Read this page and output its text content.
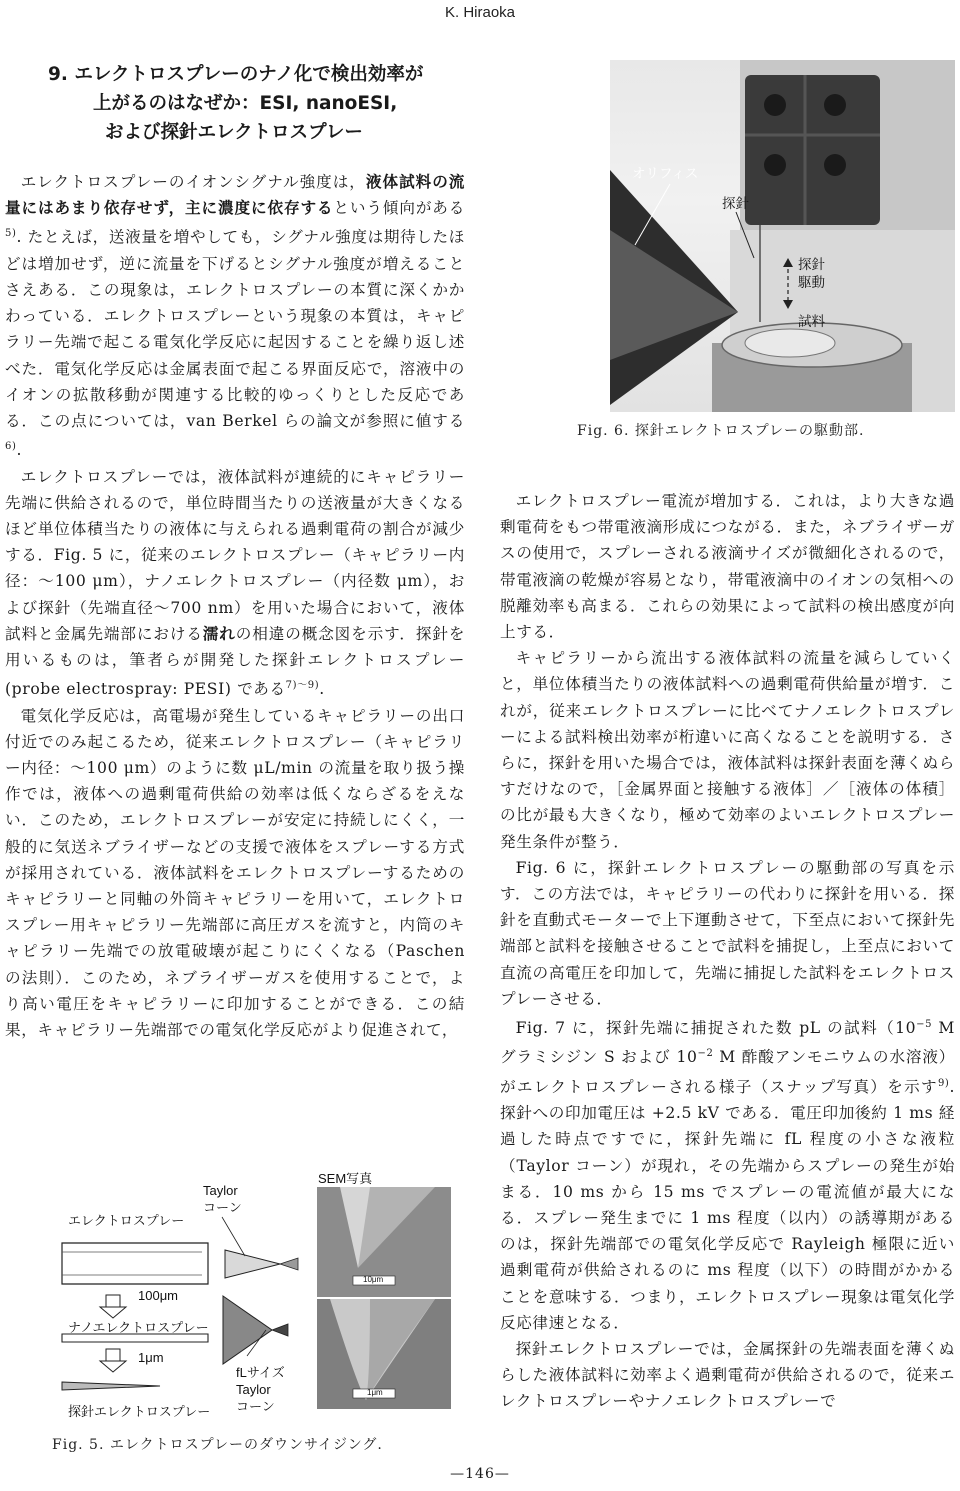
K. Hiraoka
9. エレクトロスプレーのナノ化で検出効率が
上がるのはなぜか：ESI, nanoESI,
および探針エレクトロスプレー

エレクトロスプレーのイオンシグナル強度は，液体試料の流量にはあまり依存せず，主に濃度に依存するという傾向がある$^{5)}$. たとえば，送液量を増やしても，シグナル強度は期待したほどは増加せず，逆に流量を下げるとシグナル強度が増えることさえある．この現象は，エレクトロスプレーの本質に深くかかわっている．エレクトロスプレーという現象の本質は，キャピラリー先端で起こる電気化学反応に起因することを繰り返し述べた．電気化学反応は金属表面で起こる界面反応で，溶液中のイオンの拡散移動が関連する比較的ゆっくりとした反応である．この点については，van Berkel らの論文が参照に値する$^{6)}$.

エレクトロスプレーでは，液体試料が連続的にキャピラリー先端に供給されるので，単位時間当たりの送液量が大きくなるほど単位体積当たりの液体に与えられる過剰電荷の割合が減少する．Fig. 5 に，従来のエレクトロスプレー（キャピラリー内径：〜100 μm），ナノエレクトロスプレー（内径数 μm），および探針（先端直径〜700 nm）を用いた場合において，液体試料と金属先端部における濡れの相違の概念図を示す．探針を用いるものは，筆者らが開発した探針エレクトロスプレー (probe electrospray: PESI) である$^{7)〜9)}$.

電気化学反応は，高電場が発生しているキャピラリーの出口付近でのみ起こるため，従来エレクトロスプレー（キャピラリー内径：〜100 μm）のように数 μL/min の流量を取り扱う操作では，液体への過剰電荷供給の効率は低くならざるをえない．このため，エレクトロスプレーが安定に持続しにくく，一般的に気送ネブライザーなどの支援で液体をスプレーする方式が採用されている．液体試料をエレクトロスプレーするためのキャピラリーと同軸の外筒キャピラリーを用いて，エレクトロスプレー用キャピラリー先端部に高圧ガスを流すと，内筒のキャピラリー先端での放電破壊が起こりにくくなる（Paschen の法則）．このため，ネブライザーガスを使用することで，より高い電圧をキャピラリーに印加することができる．この結果，キャピラリー先端部での電気化学反応がより促進されて，

エレクトロスプレー
100μm
ナノエレクトロスプレー
1μm
探針エレクトロスプレー
Taylor
コーン
fLサイズ
Taylor
コーン
SEM写真
10μm
1μm
Fig. 5. エレクトロスプレーのダウンサイジング.
オリフィス
探針
探針
駆動
試料
Fig. 6. 探針エレクトロスプレーの駆動部.

エレクトロスプレー電流が増加する．これは，より大きな過剰電荷をもつ帯電液滴形成につながる．また，ネブライザーガスの使用で，スプレーされる液滴サイズが微細化されるので，帯電液滴の乾燥が容易となり，帯電液滴中のイオンの気相への脱離効率も高まる．これらの効果によって試料の検出感度が向上する．

キャピラリーから流出する液体試料の流量を減らしていくと，単位体積当たりの液体試料への過剰電荷供給量が増す．これが，従来エレクトロスプレーに比べてナノエレクトロスプレーによる試料検出効率が桁違いに高くなることを説明する．さらに，探針を用いた場合では，液体試料は探針表面を薄くぬらすだけなので，［金属界面と接触する液体］／［液体の体積］の比が最も大きくなり，極めて効率のよいエレクトロスプレー発生条件が整う．

Fig. 6 に，探針エレクトロスプレーの駆動部の写真を示す．この方法では，キャピラリーの代わりに探針を用いる．探針を直動式モーターで上下運動させて，下至点において探針先端部と試料を接触させることで試料を捕捉し，上至点において直流の高電圧を印加して，先端に捕捉した試料をエレクトロスプレーさせる．

Fig. 7 に，探針先端に捕捉された数 pL の試料（$10^{-5}$ M グラミシジン S および $10^{-2}$ M 酢酸アンモニウムの水溶液）がエレクトロスプレーされる様子（スナップ写真）を示す$^{9)}$. 探針への印加電圧は +2.5 kV である．電圧印加後約 1 ms 経過した時点ですでに，探針先端に fL 程度の小さな液粒（Taylor コーン）が現れ，その先端からスプレーの発生が始まる．10 ms から 15 ms でスプレーの電流値が最大になる．スプレー発生までに 1 ms 程度（以内）の誘導期があるのは，探針先端部での電気化学反応で Rayleigh 極限に近い過剰電荷が供給されるのに ms 程度（以下）の時間がかかることを意味する．つまり，エレクトロスプレー現象は電気化学反応律速となる．

探針エレクトロスプレーでは，金属探針の先端表面を薄くぬらした液体試料に効率よく過剰電荷が供給されるので，従来エレクトロスプレーやナノエレクトロスプレーで

—146—
